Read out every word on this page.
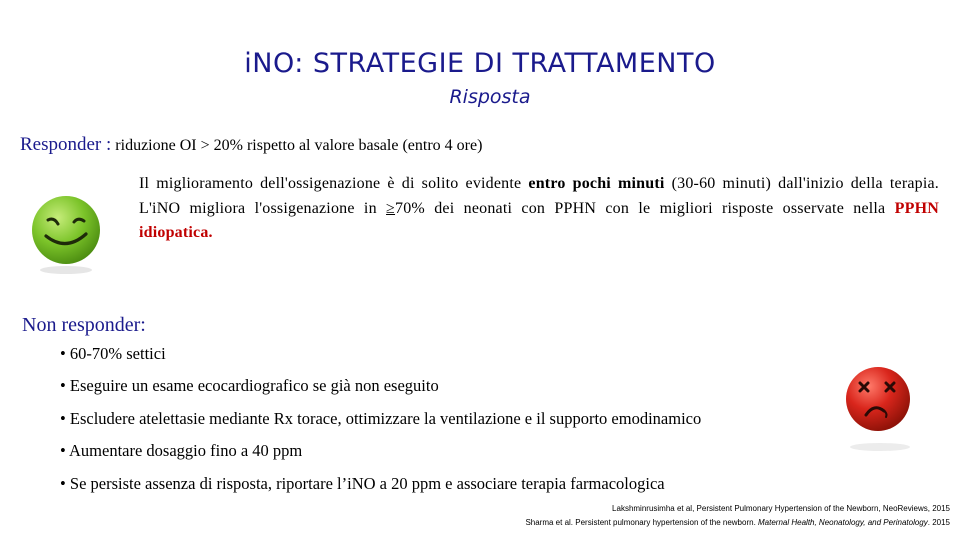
iNO: STRATEGIE DI TRATTAMENTO
Risposta
Responder : riduzione OI > 20% rispetto al valore basale (entro 4 ore)
Il miglioramento dell'ossigenazione è di solito evidente entro pochi minuti (30-60 minuti) dall'inizio della terapia. L'iNO migliora l'ossigenazione in ≥70% dei neonati con PPHN con le migliori risposte osservate nella PPHN idiopatica.
Non responder:
• 60-70% settici
• Eseguire un esame ecocardiografico se già non eseguito
• Escludere atelettasie mediante Rx torace, ottimizzare la ventilazione e il supporto emodinamico
• Aumentare dosaggio fino a 40 ppm
• Se persiste assenza di risposta, riportare l’iNO a 20 ppm e associare terapia farmacologica
Lakshminrusimha et al, Persistent Pulmonary Hypertension of the Newborn, NeoReviews, 2015
Sharma et al. Persistent pulmonary hypertension of the newborn. Maternal Health, Neonatology, and Perinatology. 2015
